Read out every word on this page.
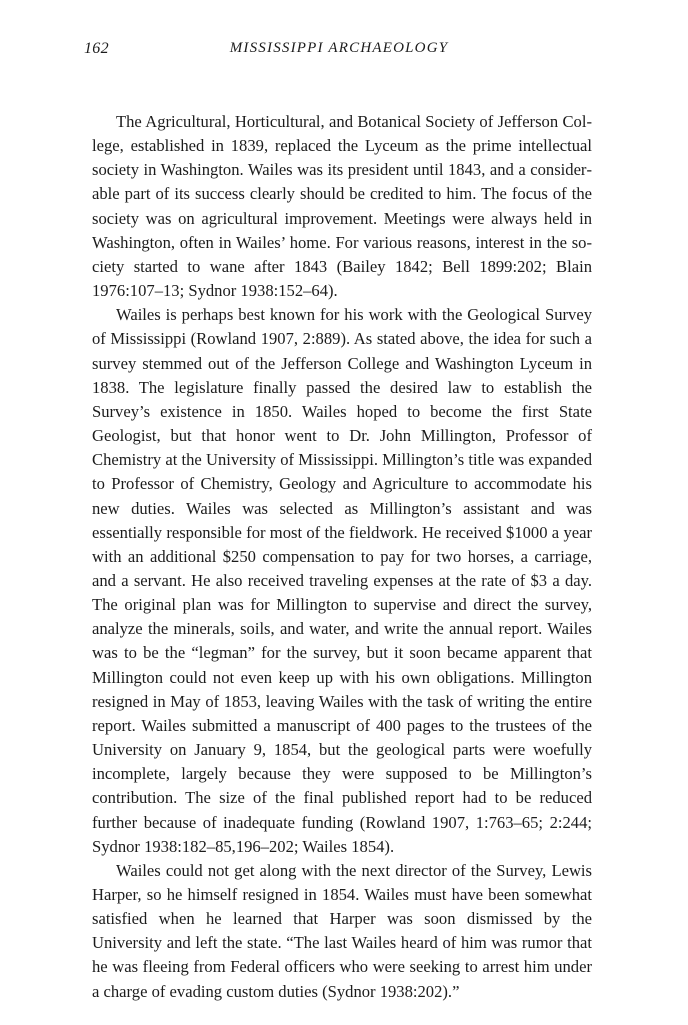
162	MISSISSIPPI ARCHAEOLOGY

The Agricultural, Horticultural, and Botanical Society of Jefferson College, established in 1839, replaced the Lyceum as the prime intellectual society in Washington. Wailes was its president until 1843, and a considerable part of its success clearly should be credited to him. The focus of the society was on agricultural improvement. Meetings were always held in Washington, often in Wailes’ home. For various reasons, interest in the society started to wane after 1843 (Bailey 1842; Bell 1899:202; Blain 1976:107–13; Sydnor 1938:152–64).

Wailes is perhaps best known for his work with the Geological Survey of Mississippi (Rowland 1907, 2:889). As stated above, the idea for such a survey stemmed out of the Jefferson College and Washington Lyceum in 1838. The legislature finally passed the desired law to establish the Survey’s existence in 1850. Wailes hoped to become the first State Geologist, but that honor went to Dr. John Millington, Professor of Chemistry at the University of Mississippi. Millington’s title was expanded to Professor of Chemistry, Geology and Agriculture to accommodate his new duties. Wailes was selected as Millington’s assistant and was essentially responsible for most of the fieldwork. He received $1000 a year with an additional $250 compensation to pay for two horses, a carriage, and a servant. He also received traveling expenses at the rate of $3 a day. The original plan was for Millington to supervise and direct the survey, analyze the minerals, soils, and water, and write the annual report. Wailes was to be the “legman” for the survey, but it soon became apparent that Millington could not even keep up with his own obligations. Millington resigned in May of 1853, leaving Wailes with the task of writing the entire report. Wailes submitted a manuscript of 400 pages to the trustees of the University on January 9, 1854, but the geological parts were woefully incomplete, largely because they were supposed to be Millington’s contribution. The size of the final published report had to be reduced further because of inadequate funding (Rowland 1907, 1:763–65; 2:244; Sydnor 1938:182–85,196–202; Wailes 1854).

Wailes could not get along with the next director of the Survey, Lewis Harper, so he himself resigned in 1854. Wailes must have been somewhat satisfied when he learned that Harper was soon dismissed by the University and left the state. “The last Wailes heard of him was rumor that he was fleeing from Federal officers who were seeking to arrest him under a charge of evading custom duties (Sydnor 1938:202).”
